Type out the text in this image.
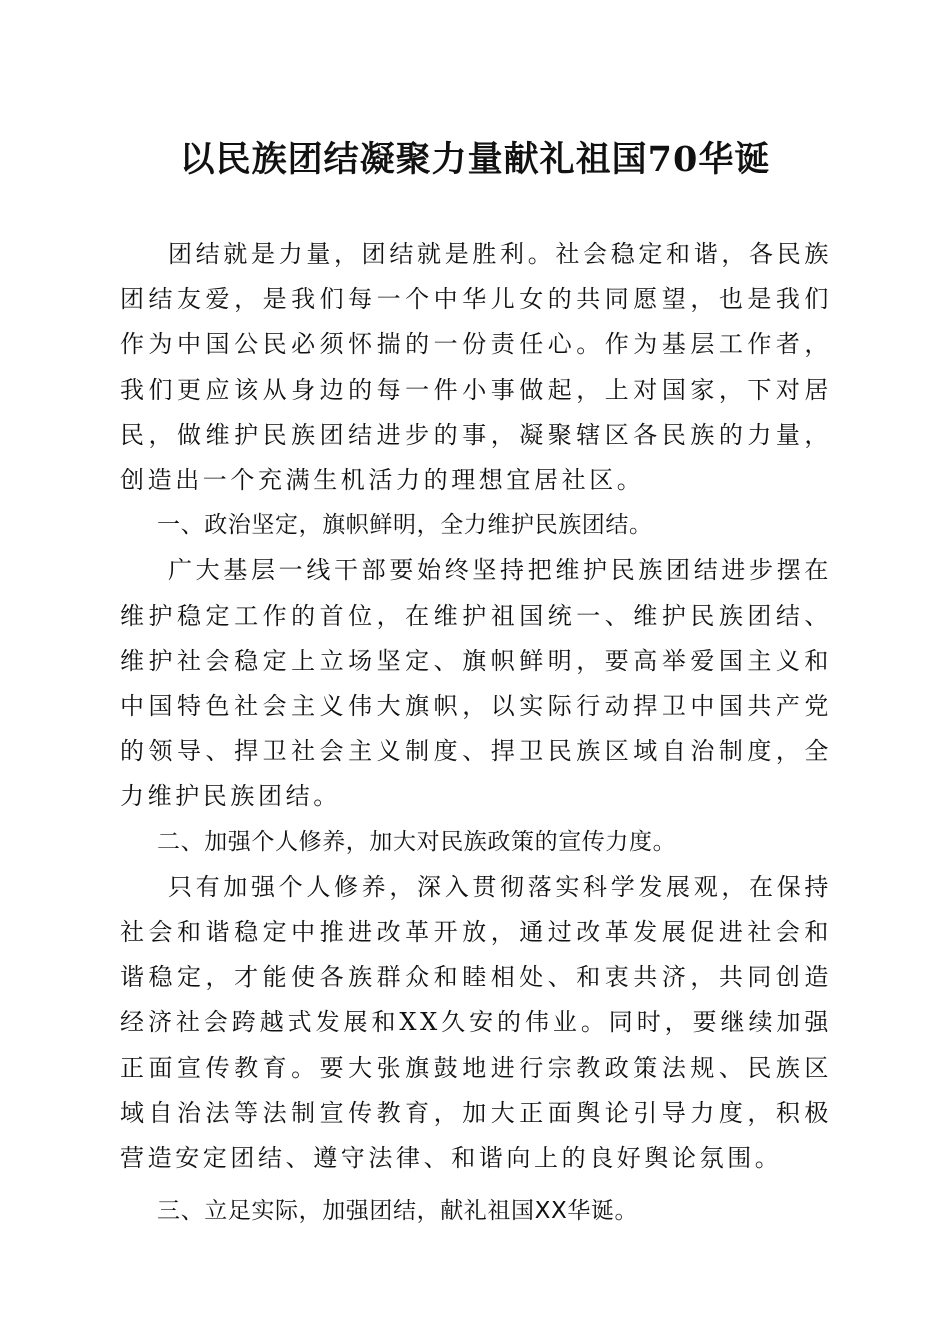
以民族团结凝聚力量献礼祖国70华诞

团结就是力量，团结就是胜利。社会稳定和谐，各民族团结友爱，是我们每一个中华儿女的共同愿望，也是我们作为中国公民必须怀揣的一份责任心。作为基层工作者，我们更应该从身边的每一件小事做起，上对国家，下对居民，做维护民族团结进步的事，凝聚辖区各民族的力量，创造出一个充满生机活力的理想宜居社区。

一、政治坚定，旗帜鲜明，全力维护民族团结。

广大基层一线干部要始终坚持把维护民族团结进步摆在维护稳定工作的首位，在维护祖国统一、维护民族团结、维护社会稳定上立场坚定、旗帜鲜明，要高举爱国主义和中国特色社会主义伟大旗帜，以实际行动捍卫中国共产党的领导、捍卫社会主义制度、捍卫民族区域自治制度，全力维护民族团结。

二、加强个人修养，加大对民族政策的宣传力度。

只有加强个人修养，深入贯彻落实科学发展观，在保持社会和谐稳定中推进改革开放，通过改革发展促进社会和谐稳定，才能使各族群众和睦相处、和衷共济，共同创造经济社会跨越式发展和XX久安的伟业。同时，要继续加强正面宣传教育。要大张旗鼓地进行宗教政策法规、民族区域自治法等法制宣传教育，加大正面舆论引导力度，积极营造安定团结、遵守法律、和谐向上的良好舆论氛围。

三、立足实际，加强团结，献礼祖国XX华诞。
